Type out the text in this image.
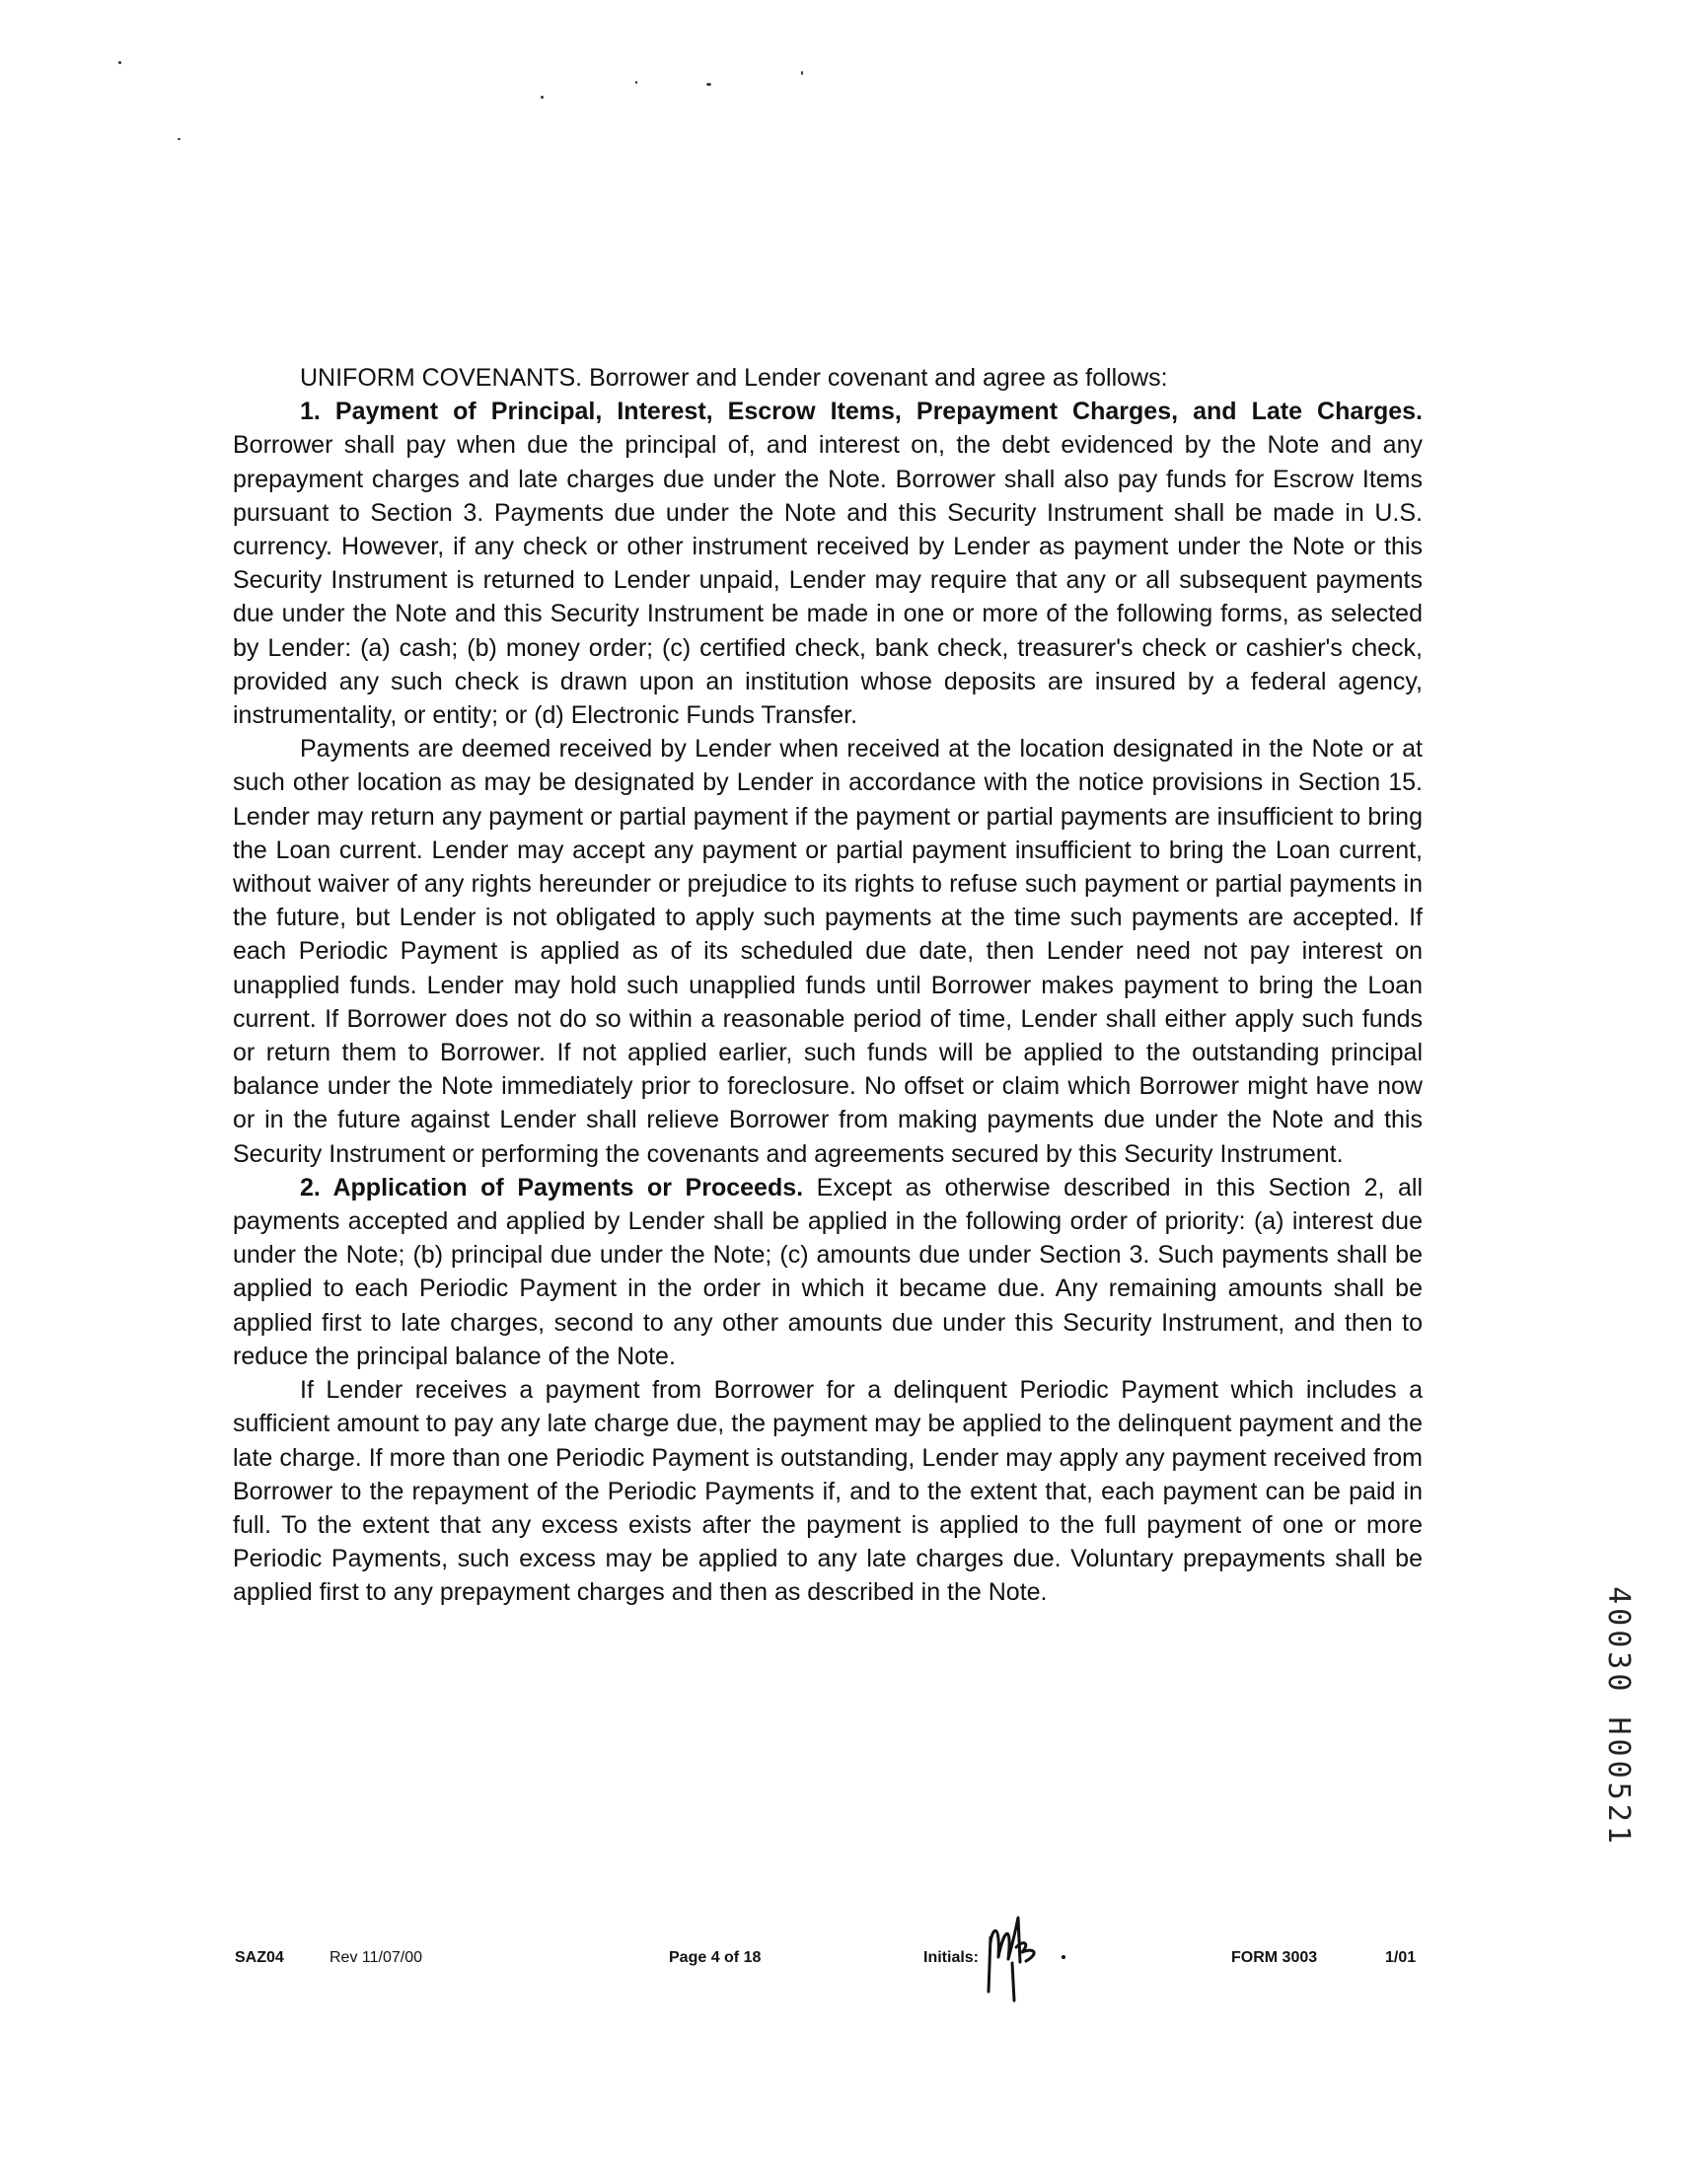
UNIFORM COVENANTS. Borrower and Lender covenant and agree as follows:

1. Payment of Principal, Interest, Escrow Items, Prepayment Charges, and Late Charges. Borrower shall pay when due the principal of, and interest on, the debt evidenced by the Note and any prepayment charges and late charges due under the Note. Borrower shall also pay funds for Escrow Items pursuant to Section 3. Payments due under the Note and this Security Instrument shall be made in U.S. currency. However, if any check or other instrument received by Lender as payment under the Note or this Security Instrument is returned to Lender unpaid, Lender may require that any or all subsequent payments due under the Note and this Security Instrument be made in one or more of the following forms, as selected by Lender: (a) cash; (b) money order; (c) certified check, bank check, treasurer's check or cashier's check, provided any such check is drawn upon an institution whose deposits are insured by a federal agency, instrumentality, or entity; or (d) Electronic Funds Transfer.

Payments are deemed received by Lender when received at the location designated in the Note or at such other location as may be designated by Lender in accordance with the notice provisions in Section 15. Lender may return any payment or partial payment if the payment or partial payments are insufficient to bring the Loan current. Lender may accept any payment or partial payment insufficient to bring the Loan current, without waiver of any rights hereunder or prejudice to its rights to refuse such payment or partial payments in the future, but Lender is not obligated to apply such payments at the time such payments are accepted. If each Periodic Payment is applied as of its scheduled due date, then Lender need not pay interest on unapplied funds. Lender may hold such unapplied funds until Borrower makes payment to bring the Loan current. If Borrower does not do so within a reasonable period of time, Lender shall either apply such funds or return them to Borrower. If not applied earlier, such funds will be applied to the outstanding principal balance under the Note immediately prior to foreclosure. No offset or claim which Borrower might have now or in the future against Lender shall relieve Borrower from making payments due under the Note and this Security Instrument or performing the covenants and agreements secured by this Security Instrument.

2. Application of Payments or Proceeds. Except as otherwise described in this Section 2, all payments accepted and applied by Lender shall be applied in the following order of priority: (a) interest due under the Note; (b) principal due under the Note; (c) amounts due under Section 3. Such payments shall be applied to each Periodic Payment in the order in which it became due. Any remaining amounts shall be applied first to late charges, second to any other amounts due under this Security Instrument, and then to reduce the principal balance of the Note.

If Lender receives a payment from Borrower for a delinquent Periodic Payment which includes a sufficient amount to pay any late charge due, the payment may be applied to the delinquent payment and the late charge. If more than one Periodic Payment is outstanding, Lender may apply any payment received from Borrower to the repayment of the Periodic Payments if, and to the extent that, each payment can be paid in full. To the extent that any excess exists after the payment is applied to the full payment of one or more Periodic Payments, such excess may be applied to any late charges due. Voluntary prepayments shall be applied first to any prepayment charges and then as described in the Note.	40030 H00521
SAZ04	Rev 11/07/00	Page 4 of 18	Initials:	FORM 3003	1/01
